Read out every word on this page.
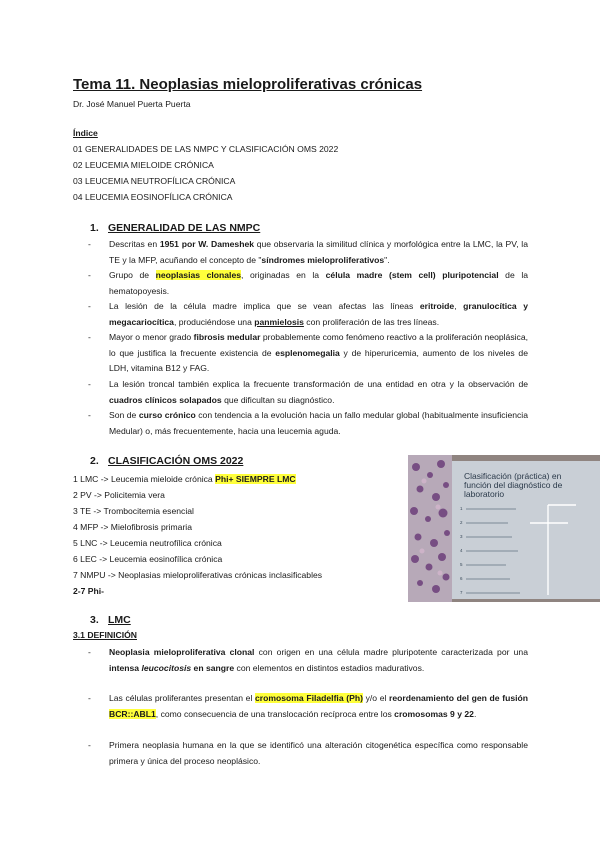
Tema 11. Neoplasias mieloproliferativas crónicas
Dr. José Manuel Puerta Puerta
Índice
01 GENERALIDADES DE LAS NMPC Y CLASIFICACIÓN OMS 2022
02 LEUCEMIA MIELOIDE CRÓNICA
03 LEUCEMIA NEUTROFÍLICA CRÓNICA
04 LEUCEMIA EOSINOFÍLICA CRÓNICA
1. GENERALIDAD DE LAS NMPC
- Descritas en 1951 por W. Dameshek que observaria la similitud clínica y morfológica entre la LMC, la PV, la TE y la MFP, acuñando el concepto de "síndromes mieloproliferativos".
- Grupo de neoplasias clonales, originadas en la célula madre (stem cell) pluripotencial de la hematopoyesis.
- La lesión de la célula madre implica que se vean afectas las líneas eritroide, granulocítica y megacariocítica, produciéndose una panmielosis con proliferación de las tres líneas.
- Mayor o menor grado fibrosis medular probablemente como fenómeno reactivo a la proliferación neoplásica, lo que justifica la frecuente existencia de esplenomegalia y de hiperuricemia, aumento de los niveles de LDH, vitamina B12 y FAG.
- La lesión troncal también explica la frecuente transformación de una entidad en otra y la observación de cuadros clínicos solapados que dificultan su diagnóstico.
- Son de curso crónico con tendencia a la evolución hacia un fallo medular global (habitualmente insuficiencia Medular) o, más frecuentemente, hacia una leucemia aguda.
2. CLASIFICACIÓN OMS 2022
1 LMC -> Leucemia mieloide crónica Phi+ SIEMPRE LMC
2 PV -> Policitemia vera
3 TE -> Trombocitemia esencial
4 MFP -> Mielofibrosis primaria
5 LNC -> Leucemia neutrofílica crónica
6 LEC -> Leucemia eosinofílica crónica
7 NMPU -> Neoplasias mieloproliferativas crónicas inclasificables
2-7 Phi-
Clasificación (práctica) en
función del diagnóstico de
laboratorio
1
2
3
4
5
6
7
3. LMC
3.1 DEFINICIÓN
- Neoplasia mieloproliferativa clonal con origen en una célula madre pluripotente caracterizada por una intensa leucocitosis en sangre con elementos en distintos estadios madurativos.
- Las células proliferantes presentan el cromosoma Filadelfia (Ph) y/o el reordenamiento del gen de fusión BCR::ABL1, como consecuencia de una translocación recíproca entre los cromosomas 9 y 22.
- Primera neoplasia humana en la que se identificó una alteración citogenética específica como responsable primera y única del proceso neoplásico.
